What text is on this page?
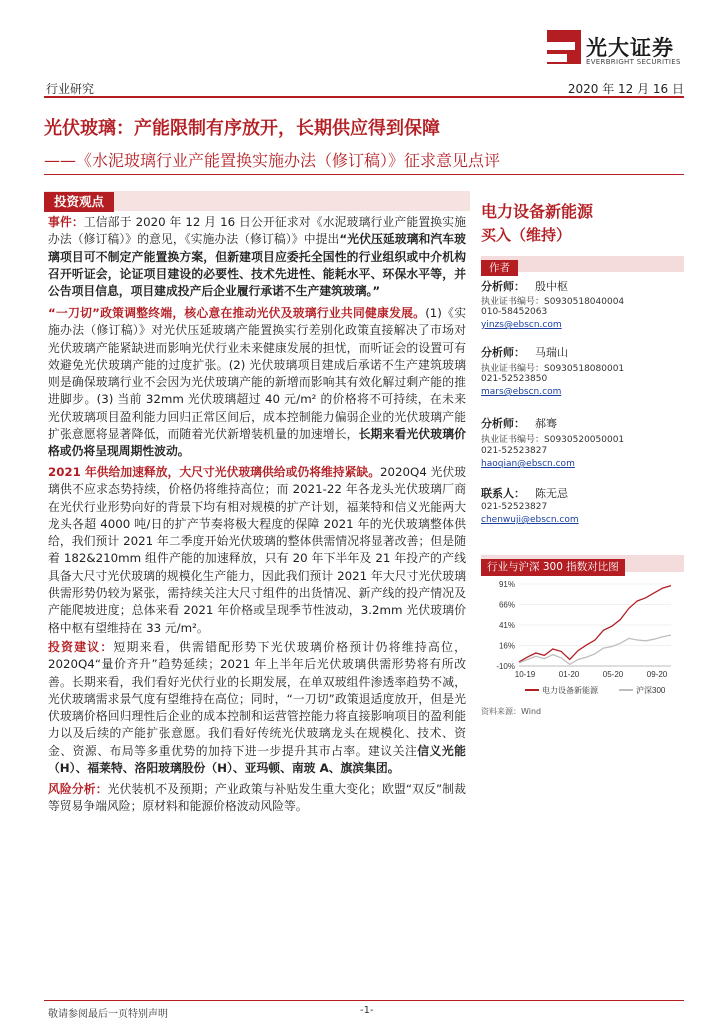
光大证券
EVERBRIGHT SECURITIES
行业研究	2020 年 12 月 16 日
光伏玻璃：产能限制有序放开，长期供应得到保障
——《水泥玻璃行业产能置换实施办法（修订稿）》征求意见点评
投资观点

事件：工信部于 2020 年 12 月 16 日公开征求对《水泥玻璃行业产能置换实施办法（修订稿）》的意见，《实施办法（修订稿）》中提出“光伏压延玻璃和汽车玻璃项目可不制定产能置换方案，但新建项目应委托全国性的行业组织或中介机构召开听证会，论证项目建设的必要性、技术先进性、能耗水平、环保水平等，并公告项目信息，项目建成投产后企业履行承诺不生产建筑玻璃。”

“一刀切”政策调整终端，核心意在推动光伏及玻璃行业共同健康发展。(1)《实施办法（修订稿）》对光伏压延玻璃产能置换实行差别化政策直接解决了市场对光伏玻璃产能紧缺进而影响光伏行业未来健康发展的担忧，而听证会的设置可有效避免光伏玻璃产能的过度扩张。(2) 光伏玻璃项目建成后承诺不生产建筑玻璃则是确保玻璃行业不会因为光伏玻璃产能的新增而影响其有效化解过剩产能的推进脚步。(3) 当前 32mm 光伏玻璃超过 40 元/m² 的价格将不可持续，在未来光伏玻璃项目盈利能力回归正常区间后，成本控制能力偏弱企业的光伏玻璃产能扩张意愿将显著降低，而随着光伏新增装机量的加速增长，长期来看光伏玻璃价格或仍将呈现周期性波动。

2021 年供给加速释放，大尺寸光伏玻璃供给或仍将维持紧缺。2020Q4 光伏玻璃供不应求态势持续，价格仍将维持高位；而 2021-22 年各龙头光伏玻璃厂商在光伏行业形势向好的背景下均有相对规模的扩产计划，福莱特和信义光能两大龙头各超 4000 吨/日的扩产节奏将极大程度的保障 2021 年的光伏玻璃整体供给，我们预计 2021 年二季度开始光伏玻璃的整体供需情况将显著改善；但是随着 182&210mm 组件产能的加速释放，只有 20 年下半年及 21 年投产的产线具备大尺寸光伏玻璃的规模化生产能力，因此我们预计 2021 年大尺寸光伏玻璃供需形势仍较为紧张，需持续关注大尺寸组件的出货情况、新产线的投产情况及产能爬坡进度；总体来看 2021 年价格或呈现季节性波动，3.2mm 光伏玻璃价格中枢有望维持在 33 元/m²。

投资建议：短期来看，供需错配形势下光伏玻璃价格预计仍将维持高位，2020Q4“量价齐升”趋势延续；2021 年上半年后光伏玻璃供需形势将有所改善。长期来看，我们看好光伏行业的长期发展，在单双玻组件渗透率趋势不减，光伏玻璃需求景气度有望维持在高位；同时，“一刀切”政策退适度放开，但是光伏玻璃价格回归理性后企业的成本控制和运营管控能力将直接影响项目的盈利能力以及后续的产能扩张意愿。我们看好传统光伏玻璃龙头在规模化、技术、资金、资源、布局等多重优势的加持下进一步提升其市占率。建议关注信义光能（H）、福莱特、洛阳玻璃股份（H）、亚玛顿、南玻 A、旗滨集团。

风险分析：光伏装机不及预期；产业政策与补贴发生重大变化；欧盟“双反”制裁等贸易争端风险；原材料和能源价格波动风险等。

电力设备新能源
买入（维持）
作者
分析师： 殷中枢
执业证书编号：S0930518040004
010-58452063
yinzs@ebscn.com
分析师： 马瑞山
执业证书编号：S0930518080001
021-52523850
mars@ebscn.com
分析师： 郝骞
执业证书编号：S0930520050001
021-52523827
haoqian@ebscn.com
联系人： 陈无忌
021-52523827
chenwuji@ebscn.com
行业与沪深 300 指数对比图
91%
66%
41%
16%
-10%
10-19	01-20	05-20	09-20
电力设备新能源	沪深300
资料来源：Wind
敬请参阅最后一页特别声明	-1-
